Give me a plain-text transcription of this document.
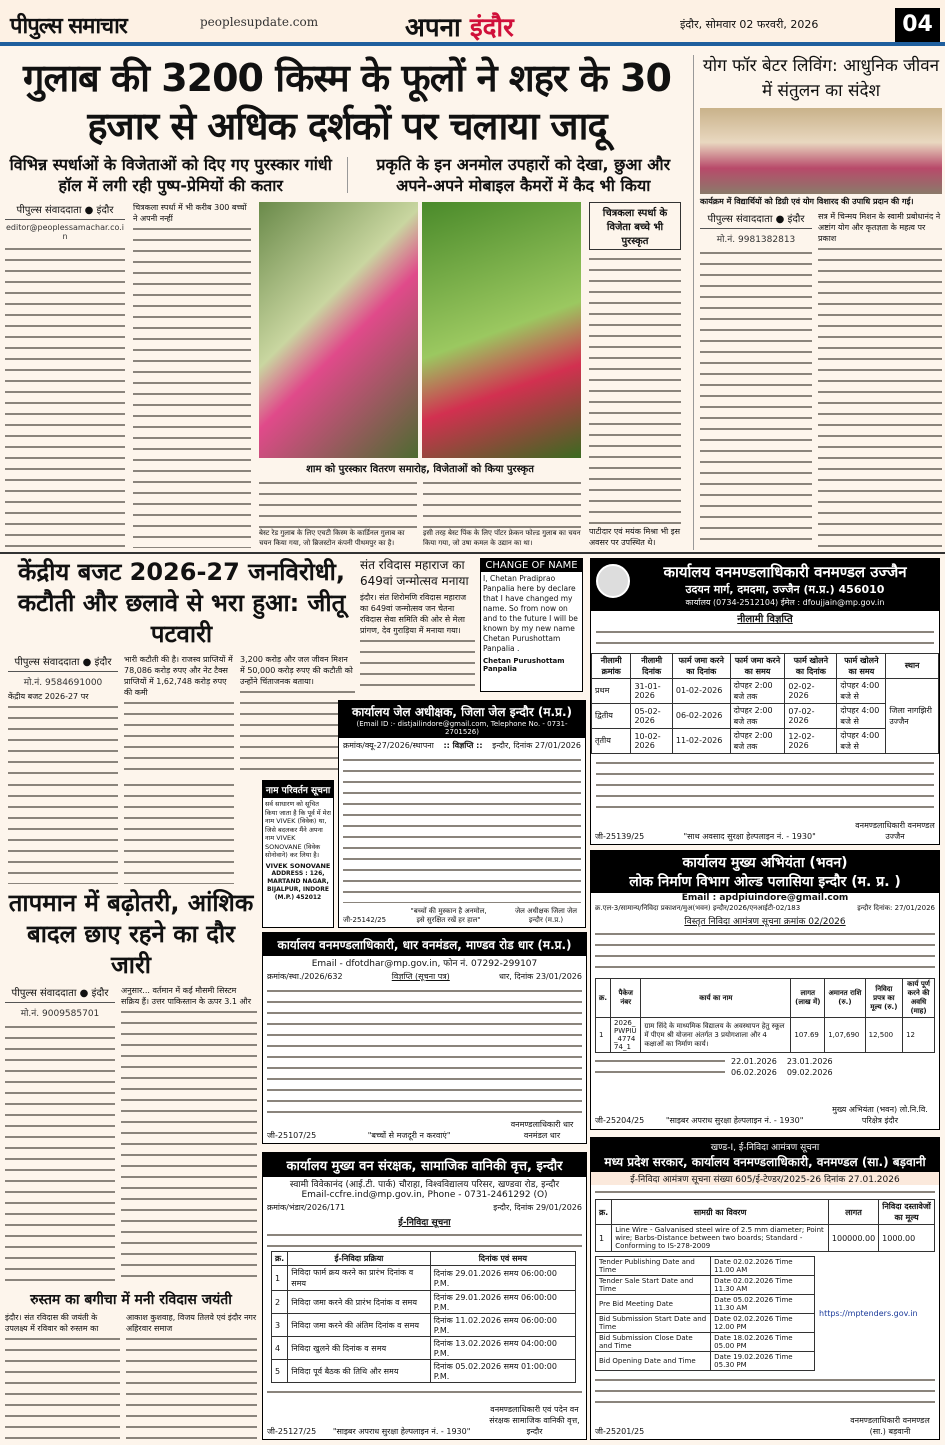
पीपुल्स समाचार	peoplesupdate.com	अपना इंदौर	इंदौर, सोमवार 02 फरवरी, 2026	04
गुलाब की 3200 किस्म के फूलों ने शहर के 30 हजार से अधिक दर्शकों पर चलाया जादू
विभिन्न स्पर्धाओं के विजेताओं को दिए गए पुरस्कार गांधी हॉल में लगी रही पुष्प-प्रेमियों की कतार
प्रकृति के इन अनमोल उपहारों को देखा, छुआ और अपने-अपने मोबाइल कैमरों में कैद भी किया
पीपुल्स संवाददाता ● इंदौर
editor@peoplessamachar.co.in
चित्रकला स्पर्धा में भी करीब 300 बच्चों ने अपनी नन्हीं
शाम को पुरस्कार वितरण समारोह, विजेताओं को किया पुरस्कृत
बेस्ट रेड गुलाब के लिए एचटी किस्म के कार्डिनल गुलाब का चयन किया गया, जो ब्रिजस्टोन कंपनी पीथमपुर का है।
इसी तरह बेस्ट पिंक के लिए पॉटर फ्रेकन फोल्ड गुलाब का चयन किया गया, जो उषा कमल के उद्यान का था।
चित्रकला स्पर्धा के विजेता बच्चे भी पुरस्कृत
पाटीदार एवं मयंक मिश्रा भी इस अवसर पर उपस्थित थे।
योग फॉर बेटर लिविंग: आधुनिक जीवन में संतुलन का संदेश
कार्यक्रम में विद्यार्थियों को डिग्री एवं योग विशारद की उपाधि प्रदान की गई।
पीपुल्स संवाददाता ● इंदौर
मो.नं. 9981382813
सत्र में चिन्मय मिशन के स्वामी प्रबोधानंद ने अष्टांग योग और कृतज्ञता के महत्व पर प्रकाश
केंद्रीय बजट 2026-27 जनविरोधी, कटौती और छलावे से भरा हुआ: जीतू पटवारी
पीपुल्स संवाददाता ● इंदौर
मो.नं. 9584691000
केंद्रीय बजट 2026-27 पर
भारी कटौती की है। राजस्व प्राप्तियों में 78,086 करोड़ रुपए और नेट टैक्स प्राप्तियों में 1,62,748 करोड़ रुपए की कमी
3,200 करोड़ और जल जीवन मिशन में 50,000 करोड़ रुपए की कटौती को उन्होंने चिंताजनक बताया।
संत रविदास महाराज का 649वां जन्मोत्सव मनाया
इंदौर। संत शिरोमणि रविदास महाराज का 649वां जन्मोत्सव जन चेतना रविदास सेवा समिति की ओर से मेला प्रांगण, देव गुराड़िया में मनाया गया।
CHANGE OF NAME
I, Chetan Pradiprao Panpalia here by declare that I have changed my name. So from now on and to the future I will be known by my new name Chetan Purushottam Panpalia .
Chetan Purushottam Panpalia
कार्यालय वनमण्डलाधिकारी वनमण्डल उज्जैन
उदयन मार्ग, दमदमा, उज्जैन (म.प्र.) 456010
कार्यालय (0734-2512104) ईमेल : dfoujjain@mp.gov.in
नीलामी विज्ञप्ति
नीलामी क्रमांक	नीलामी दिनांक	फार्म जमा करने का दिनांक	फार्म जमा करने का समय	फार्म खोलने का दिनांक	फार्म खोलने का समय	स्थान
प्रथम	31-01-2026	01-02-2026	दोपहर 2:00 बजे तक	02-02-2026	दोपहर 4:00 बजे से	जिला नागझिरी उज्जैन
द्वितीय	05-02-2026	06-02-2026	दोपहर 2:00 बजे तक	07-02-2026	दोपहर 4:00 बजे से	
तृतीय	10-02-2026	11-02-2026	दोपहर 2:00 बजे तक	12-02-2026	दोपहर 4:00 बजे से	
जी-25139/25	"साथ अवसाद सुरक्षा हेल्पलाइन नं. - 1930"
वनमण्डलाधिकारी वनमण्डल उज्जैन
नाम परिवर्तन सूचना
सर्व साधारण को सूचित किया जाता है कि पूर्व में मेरा नाम VIVEK (विवेक) था, जिसे बदलकर मैंने अपना नाम VIVEK SONOVANE (विवेक सोनोवाने) कर लिया है।
VIVEK SONOVANE
ADDRESS : 126, MARTAND NAGAR, BIJALPUR, INDORE (M.P.) 452012
कार्यालय जेल अधीक्षक, जिला जेल इन्दौर (म.प्र.)
(Email ID :- distjailindore@gmail.com, Telephone No. - 0731-2701526)
क्रमांक/क्यू-27/2026/स्थापना :: विज्ञप्ति :: इन्दौर, दिनांक 27/01/2026
जी-25142/25
"बच्चों की मुस्कान है अनमोल, इसे सुरक्षित रखें हर हाल"
जेल अधीक्षक जिला जेल इन्दौर (म.प्र.)
तापमान में बढ़ोतरी, आंशिक बादल छाए रहने का दौर जारी
पीपुल्स संवाददाता ● इंदौर
मो.नं. 9009585701
अनुसार... वर्तमान में कई मौसमी सिस्टम सक्रिय हैं। उत्तर पाकिस्तान के ऊपर 3.1 और
कार्यालय वनमण्डलाधिकारी, धार वनमंडल, माण्डव रोड धार (म.प्र.)
Email - dfotdhar@mp.gov.in, फोन नं. 07292-299107
क्रमांक/स्था./2026/632	विज्ञप्ति (सूचना पत्र)	धार, दिनांक 23/01/2026
जी-25107/25	"बच्चों से मजदूरी न करवाएं"
वनमण्डलाधिकारी धार वनमंडल धार
कार्यालय मुख्य अभियंता (भवन)
लोक निर्माण विभाग ओल्ड पलासिया इन्दौर (म. प्र. )
Email : apdpiuindore@gmail.com
क्र.एल-3/सामान्य/निविदा प्रकाशन/मुअ(भवन) इन्दौर/2026/एनआईटी-02/183	इन्दौर दिनांक: 27/01/2026
विस्तृत निविदा आमंत्रण सूचना क्रमांक 02/2026
क्र.	पैकेज नंबर	कार्य का नाम	लागत (लाख में)	अमानत राशि (रु.)	निविदा प्रपत्र का मूल्य (रु.)	कार्य पूर्ण करने की अवधि (माह)
1	2026_PWPIU_477474_1	ग्राम सिंदे के माध्यमिक विद्यालय के अवस्थापन हेतु स्कूल में पीएम श्री योजना अंतर्गत 3 प्रयोगशाला और 4 कक्षाओं का निर्माण कार्य।	107.69	1,07,690	12,500	12
22.01.2026 23.01.2026
06.02.2026 09.02.2026
जी-25204/25	"साइबर अपराध सुरक्षा हेल्पलाइन नं. - 1930"
मुख्य अभियंता (भवन) लो.नि.वि. परिक्षेत्र इंदौर
कार्यालय मुख्य वन संरक्षक, सामाजिक वानिकी वृत्त, इन्दौर
स्वामी विवेकानंद (आई.टी. पार्क) चौराहा, विश्वविद्यालय परिसर, खण्डवा रोड, इन्दौर
Email-ccfre.ind@mp.gov.in, Phone - 0731-2461292 (O)
क्रमांक/भंडार/2026/171	इन्दौर, दिनांक 29/01/2026
ई-निविदा सूचना
क्र.	ई-निविदा प्रक्रिया	दिनांक एवं समय
1	निविदा फार्म क्रय करने का प्रारंभ दिनांक व समय	दिनांक 29.01.2026 समय 06:00:00 P.M.
2	निविदा जमा करने की प्रारंभ दिनांक व समय	दिनांक 29.01.2026 समय 06:00:00 P.M.
3	निविदा जमा करने की अंतिम दिनांक व समय	दिनांक 11.02.2026 समय 06:00:00 P.M.
4	निविदा खुलने की दिनांक व समय	दिनांक 13.02.2026 समय 04:00:00 P.M.
5	निविदा पूर्व बैठक की तिथि और समय	दिनांक 05.02.2026 समय 01:00:00 P.M.
जी-25127/25 "साइबर अपराध सुरक्षा हेल्पलाइन नं. - 1930"
वनमण्डलाधिकारी एवं पदेन वन संरक्षक सामाजिक वानिकी वृत्त, इन्दौर
खण्ड-I, ई-निविदा आमंत्रण सूचना
मध्य प्रदेश सरकार, कार्यालय वनमण्डलाधिकारी, वनमण्डल (सा.) बड़वानी
ई-निविदा आमंत्रण सूचना संख्या 605/ई-टेण्डर/2025-26 दिनांक 27.01.2026
क्र.	सामग्री का विवरण	लागत	निविदा दस्तावेजों का मूल्य
1	Line Wire - Galvanised steel wire of 2.5 mm diameter; Point wire; Barbs-Distance between two boards; Standard - Conforming to IS-278-2009	100000.00	1000.00
Tender Publishing Date and Time	Date 02.02.2026 Time 11.00 AM
Tender Sale Start Date and Time	Date 02.02.2026 Time 11.30 AM
Pre Bid Meeting Date	Date 05.02.2026 Time 11.30 AM
Bid Submission Start Date and Time	Date 02.02.2026 Time 12.00 PM
Bid Submission Close Date and Time	Date 18.02.2026 Time 05.00 PM
Bid Opening Date and Time	Date 19.02.2026 Time 05.30 PM
https://mptenders.gov.in
जी-25201/25
वनमण्डलाधिकारी वनमण्डल (सा.) बड़वानी
रुस्तम का बगीचा में मनी रविदास जयंती
इंदौर। संत रविदास की जयंती के उपलक्ष्य में रविवार को रुस्तम का
आकाश कुशवाह, विजय तिलवे एवं इंदौर नगर अहिरवार समाज
